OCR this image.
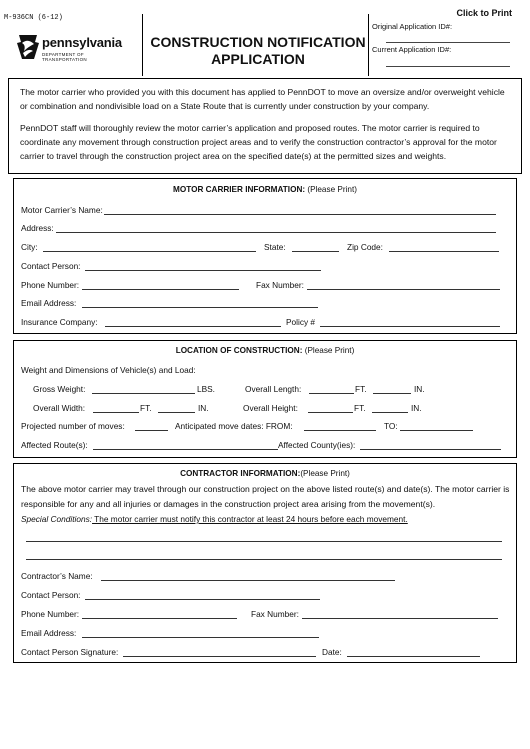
M-936CN (6-12)
pennsylvania
DEPARTMENT OF TRANSPORTATION
CONSTRUCTION NOTIFICATION
APPLICATION
Click to Print
Original Application ID#:
Current Application ID#:

The motor carrier who provided you with this document has applied to PennDOT to move an oversize and/or overweight vehicle or combination and nondivisible load on a State Route that is currently under construction by your company.

PennDOT staff will thoroughly review the motor carrier’s application and proposed routes. The motor carrier is required to coordinate any movement through construction project areas and to verify the construction contractor’s approval for the motor carrier to travel through the construction project area on the specified date(s) at the permitted sizes and weights.

MOTOR CARRIER INFORMATION: (Please Print)
Motor Carrier’s Name:
Address:
City:	State:	Zip Code:
Contact Person:
Phone Number:	Fax Number:
Email Address:
Insurance Company:	Policy #
LOCATION OF CONSTRUCTION: (Please Print)
Weight and Dimensions of Vehicle(s) and Load:
Gross Weight:	LBS.	Overall Length:	FT.	IN.
Overall Width:	FT.	IN.	Overall Height:	FT.	IN.
Projected number of moves:	Anticipated move dates: FROM:	TO:
Affected Route(s):	Affected County(ies):
CONTRACTOR INFORMATION:(Please Print)

The above motor carrier may travel through our construction project on the above listed route(s) and date(s). The motor carrier is responsible for any and all injuries or damages in the construction project area arising from the movement(s).

Special Conditions: The motor carrier must notify this contractor at least 24 hours before each movement.
Contractor’s Name:
Contact Person:
Phone Number:	Fax Number:
Email Address:
Contact Person Signature:	Date:
